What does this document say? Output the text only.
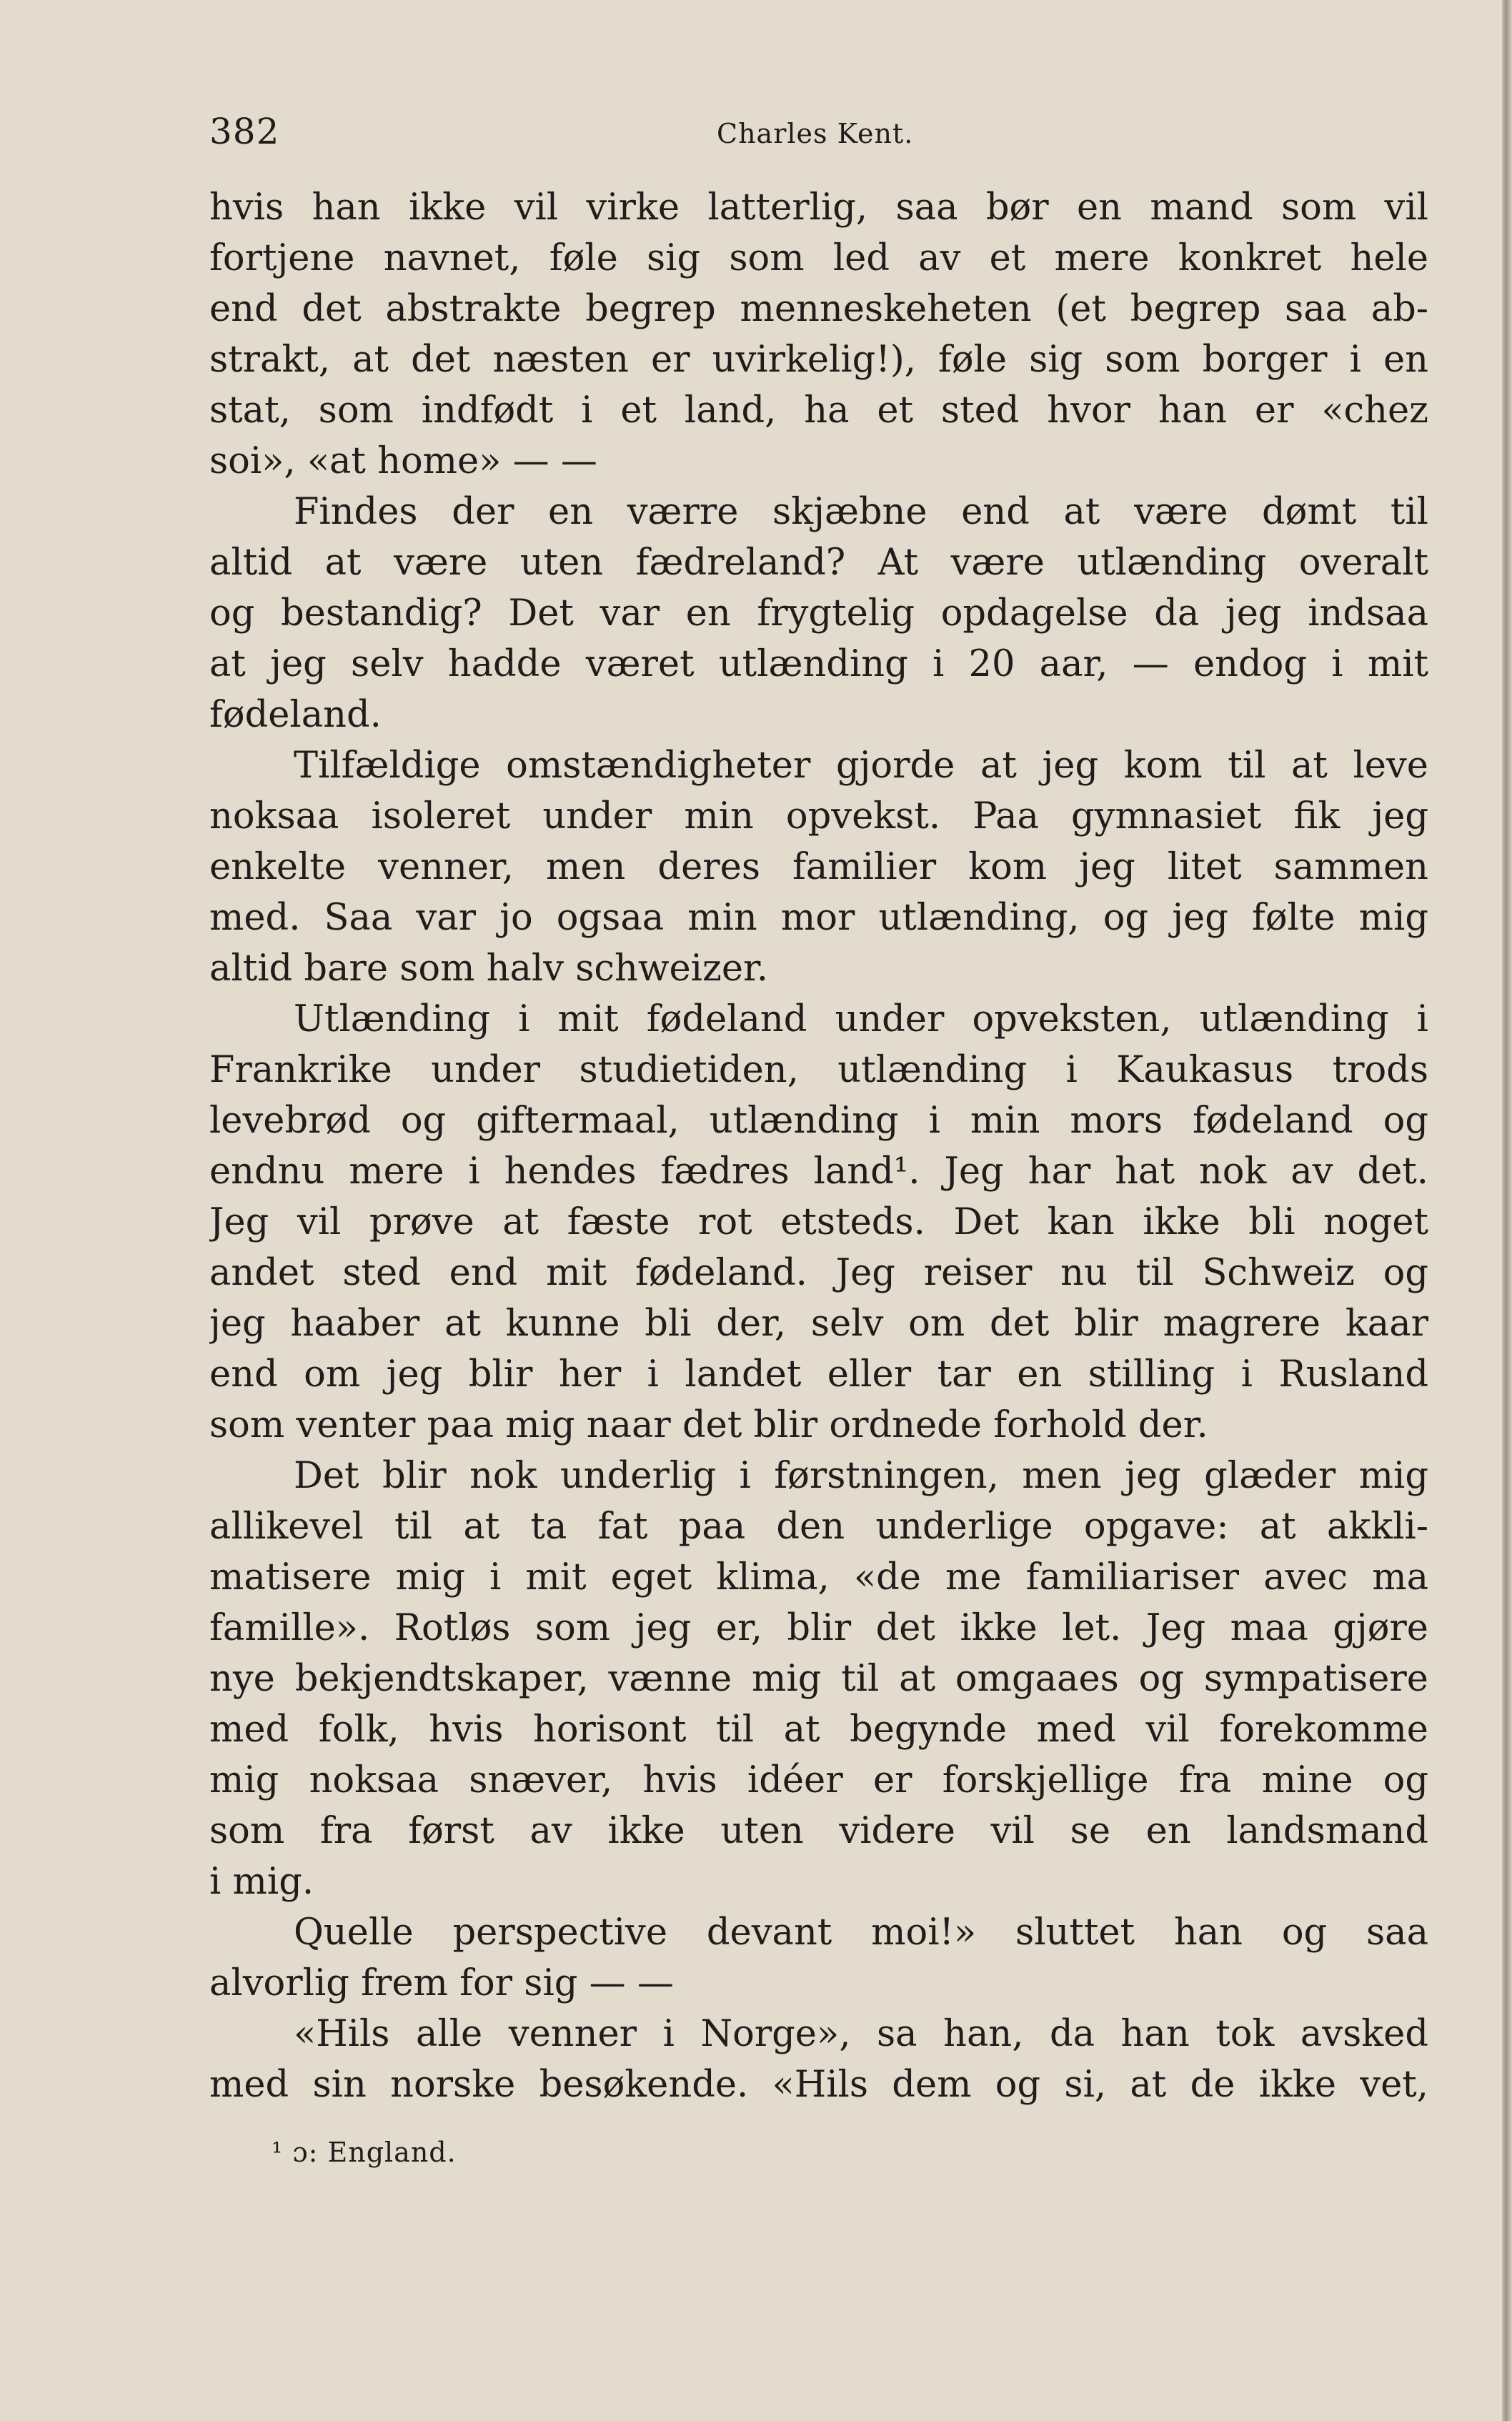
382	Charles Kent.
hvis han ikke vil virke latterlig, saa bør en mand som vil
fortjene navnet, føle sig som led av et mere konkret hele
end det abstrakte begrep menneskeheten (et begrep saa ab-
strakt, at det næsten er uvirkelig!), føle sig som borger i en
stat, som indfødt i et land, ha et sted hvor han er «chez
soi», «at home» — —
Findes der en værre skjæbne end at være dømt til
altid at være uten fædreland? At være utlænding overalt
og bestandig? Det var en frygtelig opdagelse da jeg indsaa
at jeg selv hadde været utlænding i 20 aar, — endog i mit
fødeland.
Tilfældige omstændigheter gjorde at jeg kom til at leve
noksaa isoleret under min opvekst. Paa gymnasiet fik jeg
enkelte venner, men deres familier kom jeg litet sammen
med. Saa var jo ogsaa min mor utlænding, og jeg følte mig
altid bare som halv schweizer.
Utlænding i mit fødeland under opveksten, utlænding i
Frankrike under studietiden, utlænding i Kaukasus trods
levebrød og giftermaal, utlænding i min mors fødeland og
endnu mere i hendes fædres land¹. Jeg har hat nok av det.
Jeg vil prøve at fæste rot etsteds. Det kan ikke bli noget
andet sted end mit fødeland. Jeg reiser nu til Schweiz og
jeg haaber at kunne bli der, selv om det blir magrere kaar
end om jeg blir her i landet eller tar en stilling i Rusland
som venter paa mig naar det blir ordnede forhold der.
Det blir nok underlig i førstningen, men jeg glæder mig
allikevel til at ta fat paa den underlige opgave: at akkli-
matisere mig i mit eget klima, «de me familiariser avec ma
famille». Rotløs som jeg er, blir det ikke let. Jeg maa gjøre
nye bekjendtskaper, vænne mig til at omgaaes og sympatisere
med folk, hvis horisont til at begynde med vil forekomme
mig noksaa snæver, hvis idéer er forskjellige fra mine og
som fra først av ikke uten videre vil se en landsmand
i mig.
Quelle perspective devant moi!» sluttet han og saa
alvorlig frem for sig — —
«Hils alle venner i Norge», sa han, da han tok avsked
med sin norske besøkende. «Hils dem og si, at de ikke vet,
¹ ɔ: England.
